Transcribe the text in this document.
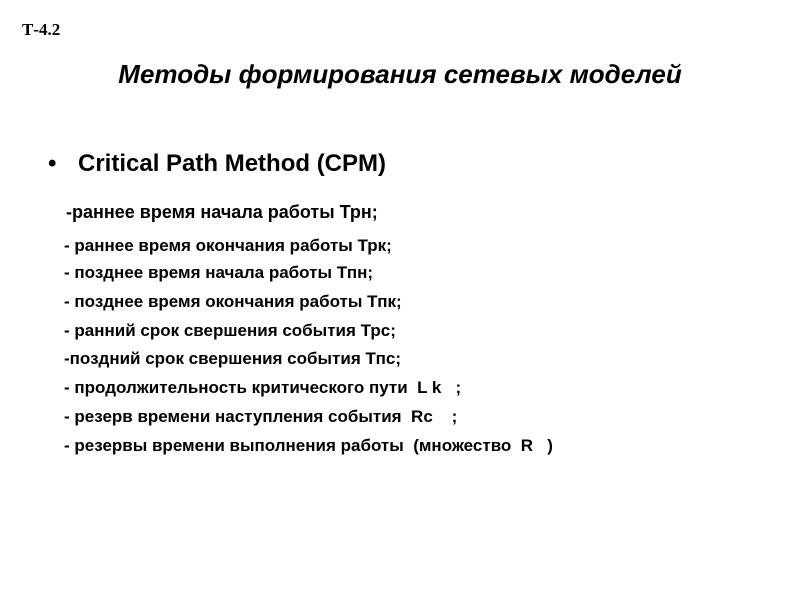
Т-4.2
Методы формирования сетевых моделей
• Critical Path Method (CPM)
-раннее время начала работы Трн;
- раннее время окончания работы Трк;
- позднее время начала работы Тпн;
- позднее время окончания работы Тпк;
- ранний срок свершения события Трс;
-поздний срок свершения события Тпс;
- продолжительность критического пути  L k   ;
- резерв времени наступления события  Rc    ;
- резервы времени выполнения работы  (множество  R   )
